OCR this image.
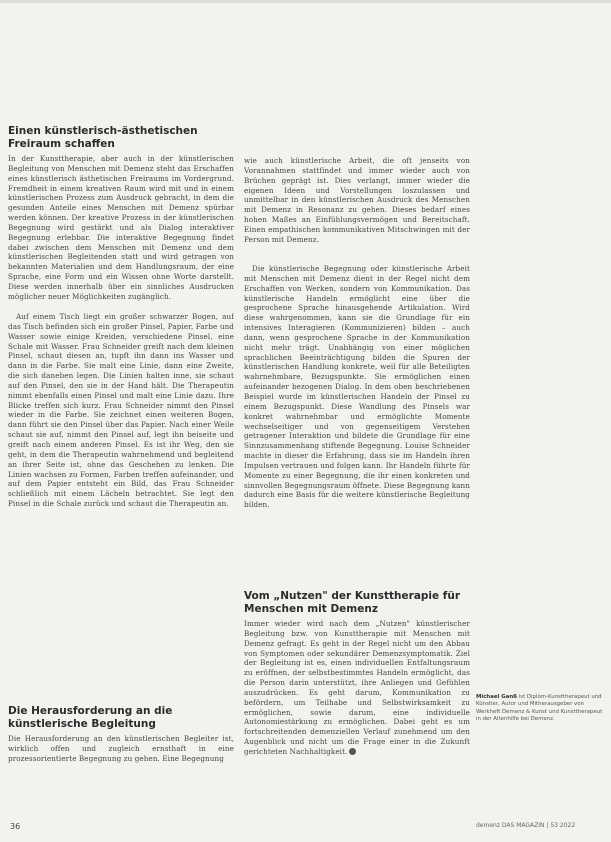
Einen künstlerisch-ästhetischen Freiraum schaffen

In der Kunsttherapie, aber auch in der künstlerischen Begleitung von Menschen mit Demenz steht das Erschaffen eines künstlerisch ästhetischen Freiraums im Vordergrund. Fremdheit in einem kreativen Raum wird mit und in einem künstlerischen Prozess zum Ausdruck gebracht, in dem die gesunden Anteile eines Menschen mit Demenz spürbar werden können. Der kreative Prozess in der künstlerischen Begegnung wird gestärkt und als Dialog interaktiver Begegnung erlebbar. Die interaktive Begegnung findet dabei zwischen dem Menschen mit Demenz und dem künstlerischen Begleitenden statt und wird getragen von bekannten Materialien und dem Handlungsraum, der eine Sprache, eine Form und ein Wissen ohne Worte darstellt. Diese werden innerhalb über ein sinnliches Ausdrucken möglicher neuer Möglichkeiten zugänglich.

Auf einem Tisch liegt ein großer schwarzer Bogen, auf das Tisch befinden sich ein großer Pinsel, Papier, Farbe und Wasser sowie einige Kreiden, verschiedene Pinsel, eine Schale mit Wasser. Frau Schneider greift nach dem kleinen Pinsel, schaut diesen an, tupft ihn dann ins Wasser und dann in die Farbe. Sie malt eine Linie, dann eine Zweite, die sich daneben legen. Die Linien halten inne, sie schaut auf den Pinsel, den sie in der Hand hält. Die Therapeutin nimmt ebenfalls einen Pinsel und malt eine Linie dazu. Ihre Blicke treffen sich kurz. Frau Schneider nimmt den Pinsel wieder in die Farbe. Sie zeichnet einen weiteren Bogen, dann führt sie den Pinsel über das Papier. Nach einer Weile schaut sie auf, nimmt den Pinsel auf, legt ihn beiseite und greift nach einem anderen Pinsel. Es ist ihr Weg, den sie geht, in dem die Therapeutin wahrnehmend und begleitend an ihrer Seite ist, ohne das Geschehen zu lenken. Die Linien wachsen zu Formen, Farben treffen aufeinander, und auf dem Papier entsteht ein Bild, das Frau Schneider schließlich mit einem Lächeln betrachtet. Sie legt den Pinsel in die Schale zurück und schaut die Therapeutin an.

Die Herausforderung an die künstlerische Begleitung

Die Herausforderung an den künstlerischen Begleiter ist, wirklich offen und zugleich ernsthaft in eine prozessorientierte Begegnung zu gehen. Eine Begegnung

wie auch künstlerische Arbeit, die oft jenseits von Vorannahmen stattfindet und immer wieder auch von Brüchen geprägt ist. Dies verlangt, immer wieder die eigenen Ideen und Vorstellungen loszulassen und unmittelbar in den künstlerischen Ausdruck des Menschen mit Demenz in Resonanz zu gehen. Dieses bedarf eines hohen Maßes an Einfühlungsvermögen und Bereitschaft. Einen empathischen kommunikativen Mitschwingen mit der Person mit Demenz.

Die künstlerische Begegnung oder künstlerische Arbeit mit Menschen mit Demenz dient in der Regel nicht dem Erschaffen von Werken, sondern von Kommunikation. Das künstlerische Handeln ermöglicht eine über die gesprochene Sprache hinausgehende Artikulation. Wird diese wahrgenommen, kann sie die Grundlage für ein intensives Interagieren (Kommunizieren) bilden – auch dann, wenn gesprochene Sprache in der Kommunikation nicht mehr trägt. Unabhängig von einer möglichen sprachlichen Beeinträchtigung bilden die Spuren der künstlerischen Handlung konkrete, weil für alle Beteiligten wahrnehmbare, Bezugspunkte. Sie ermöglichen einen aufeinander bezogenen Dialog. In dem oben beschriebenen Beispiel wurde im künstlerischen Handeln der Pinsel zu einem Bezugspunkt. Diese Wandlung des Pinsels war konkret wahrnehmbar und ermöglichte Momente wechselseitiger und von gegenseitigem Verstehen getragener Interaktion und bildete die Grundlage für eine Sinnzusammenhang stiftende Begegnung. Louise Schneider machte in dieser die Erfahrung, dass sie im Handeln ihren Impulsen vertrauen und folgen kann. Ihr Handeln führte für Momente zu einer Begegnung, die ihr einen konkreten und sinnvollen Begegnungsraum öffnete. Diese Begegnung kann dadurch eine Basis für die weitere künstlerische Begleitung bilden.

Vom „Nutzen" der Kunsttherapie für Menschen mit Demenz

Immer wieder wird nach dem „Nutzen" künstlerischer Begleitung bzw. von Kunsttherapie mit Menschen mit Demenz gefragt. Es geht in der Regel nicht um den Abbau von Symptomen oder sekundärer Demenzsymptomatik. Ziel der Begleitung ist es, einen individuellen Entfaltungsraum zu eröffnen, der selbstbestimmtes Handeln ermöglicht, das die Person darin unterstützt, ihre Anliegen und Gefühlen auszudrücken. Es geht darum, Kommunikation zu befördern, um Teilhabe und Selbstwirksamkeit zu ermöglichen, sowie darum, eine individuelle Autonomiestärkung zu ermöglichen. Dabei geht es um fortschreitenden demenziellen Verlauf zunehmend um den Augenblick und nicht um die Frage einer in die Zukunft gerichteten Nachhaltigkeit.

Michael Ganß ist Diplom-Kunsttherapeut und Künstler, Autor und Mitherausgeber von Werkheft Demenz & Kunst und Kunsttherapeut in der Altenhilfe bei Demenz.
36	demenz DAS MAGAZIN | 53 2022
